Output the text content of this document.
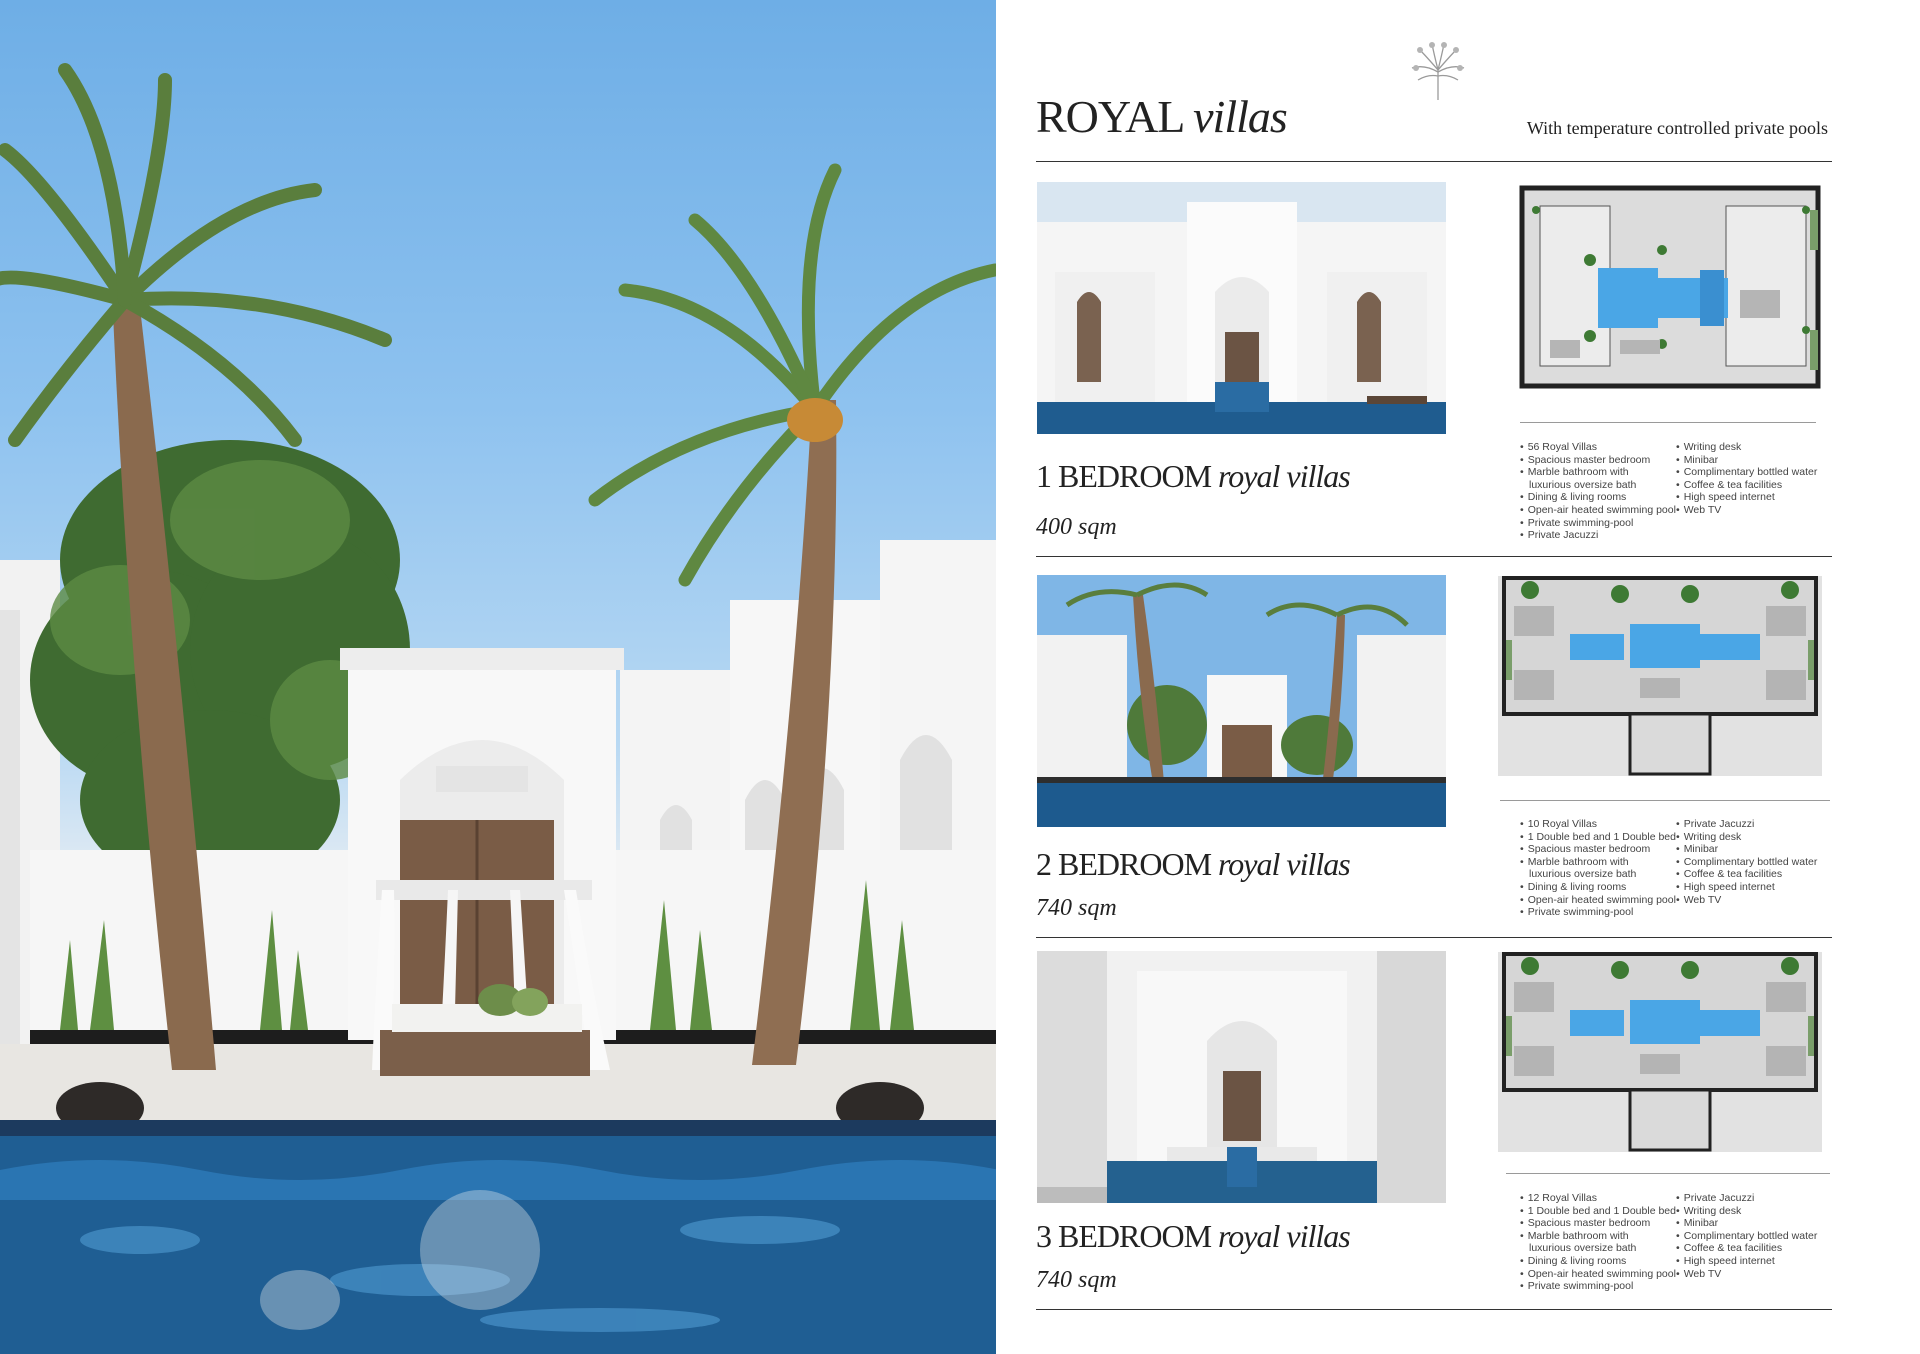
ROYAL villas	With temperature controlled private pools
1 BEDROOM royal villas
400 sqm
• 56 Royal Villas
• Spacious master bedroom
• Marble bathroom with
luxurious oversize bath
• Dining & living rooms
• Open-air heated swimming pool
• Private swimming-pool
• Private Jacuzzi
• Writing desk
• Minibar
• Complimentary bottled water
• Coffee & tea facilities
• High speed internet
• Web TV
2 BEDROOM royal villas
740 sqm
• 10 Royal Villas
• 1 Double bed and 1 Double bed
• Spacious master bedroom
• Marble bathroom with
luxurious oversize bath
• Dining & living rooms
• Open-air heated swimming pool
• Private swimming-pool
• Private Jacuzzi
• Writing desk
• Minibar
• Complimentary bottled water
• Coffee & tea facilities
• High speed internet
• Web TV
3 BEDROOM royal villas
740 sqm
• 12 Royal Villas
• 1 Double bed and 1 Double bed
• Spacious master bedroom
• Marble bathroom with
luxurious oversize bath
• Dining & living rooms
• Open-air heated swimming pool
• Private swimming-pool
• Private Jacuzzi
• Writing desk
• Minibar
• Complimentary bottled water
• Coffee & tea facilities
• High speed internet
• Web TV
